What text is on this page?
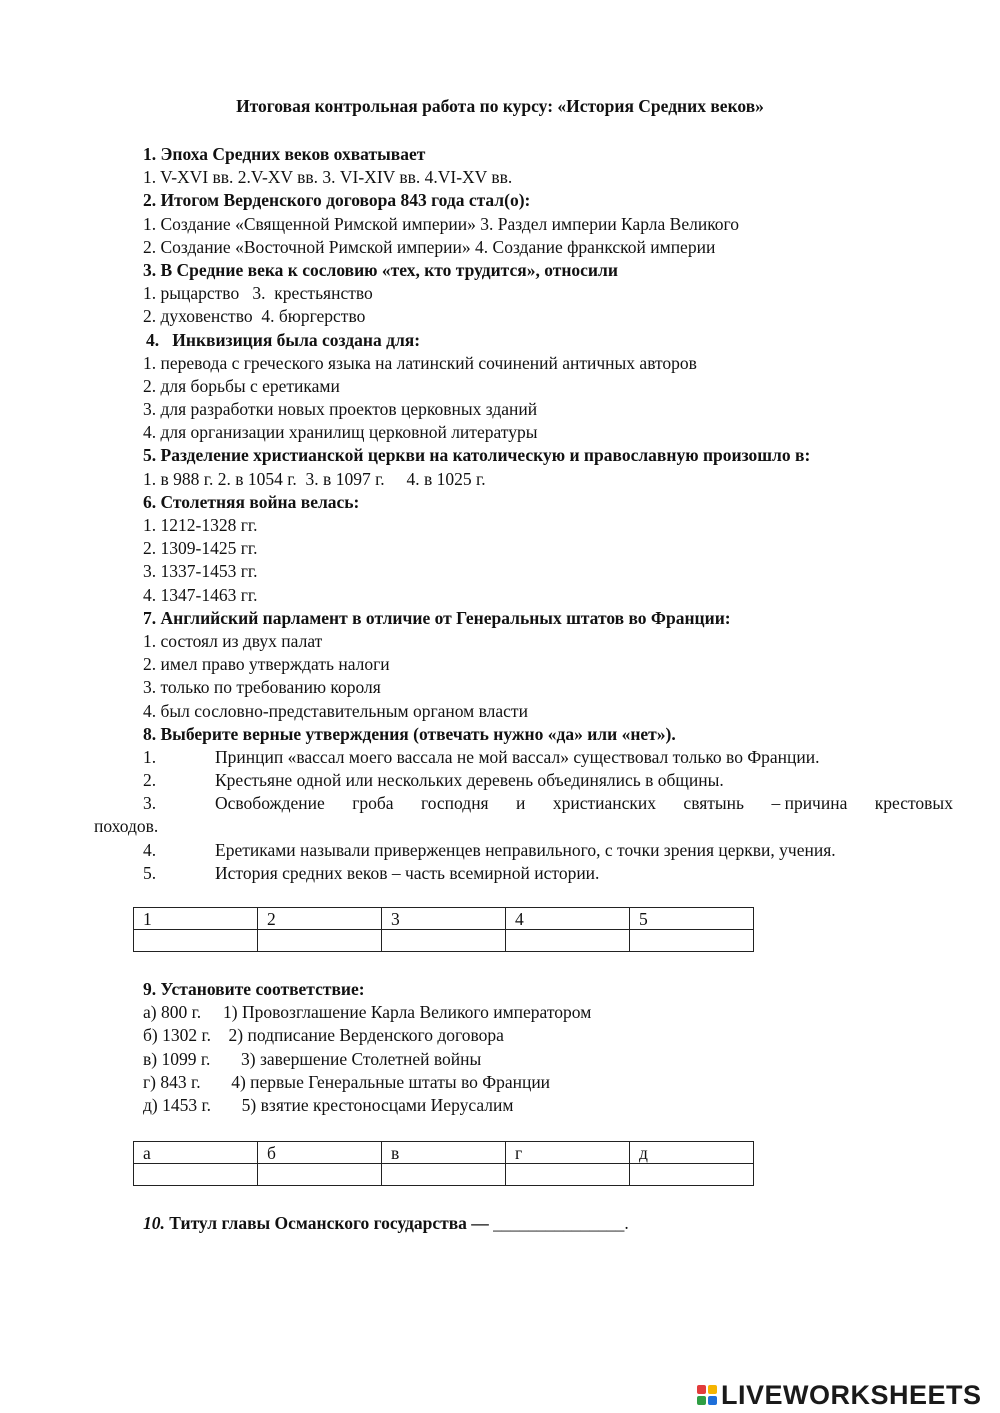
Итоговая контрольная работа по курсу: «История Средних веков»
1. Эпоха Средних веков охватывает
1. V-XVI вв. 2.V-XV вв. 3. VI-XIV вв. 4.VI-XV вв.
2. Итогом Верденского договора 843 года стал(о):
1. Создание «Священной Римской империи» 3. Раздел империи Карла Великого
2. Создание «Восточной Римской империи» 4. Создание франкской империи
3. В Средние века к сословию «тех, кто трудится», относили
1. рыцарство   3.  крестьянство
2. духовенство  4. бюргерство
4.   Инквизиция была создана для:
1. перевода с греческого языка на латинский сочинений античных авторов
2. для борьбы с еретиками
3. для разработки новых проектов церковных зданий
4. для организации хранилищ церковной литературы
5. Разделение христианской церкви на католическую и православную произошло в:
1. в 988 г. 2. в 1054 г.  3. в 1097 г.     4. в 1025 г.
6. Столетняя война велась:
1. 1212-1328 гг.
2. 1309-1425 гг.
3. 1337-1453 гг.
4. 1347-1463 гг.
7. Английский парламент в отличие от Генеральных штатов во Франции:
1. состоял из двух палат
2. имел право утверждать налоги
3. только по требованию короля
4. был сословно-представительным органом власти
8. Выберите верные утверждения (отвечать нужно «да» или «нет»).
1.	Принцип «вассал моего вассала не мой вассал» существовал только во Франции.
2.	Крестьяне одной или нескольких деревень объединялись в общины.
3.	Освобождение гроба господня и христианских святынь – причина крестовых
походов.
4.	Еретиками называли приверженцев неправильного, с точки зрения церкви, учения.
5.	История средних веков – часть всемирной истории.
1	2	3	4	5

9. Установите соответствие:
а) 800 г.     1) Провозглашение Карла Великого императором
б) 1302 г.    2) подписание Верденского договора
в) 1099 г.       3) завершение Столетней войны
г) 843 г.       4) первые Генеральные штаты во Франции
д) 1453 г.       5) взятие крестоносцами Иерусалим
а	б	в	г	д

10. Титул главы Османского государства — _______________.
LIVEWORKSHEETS
